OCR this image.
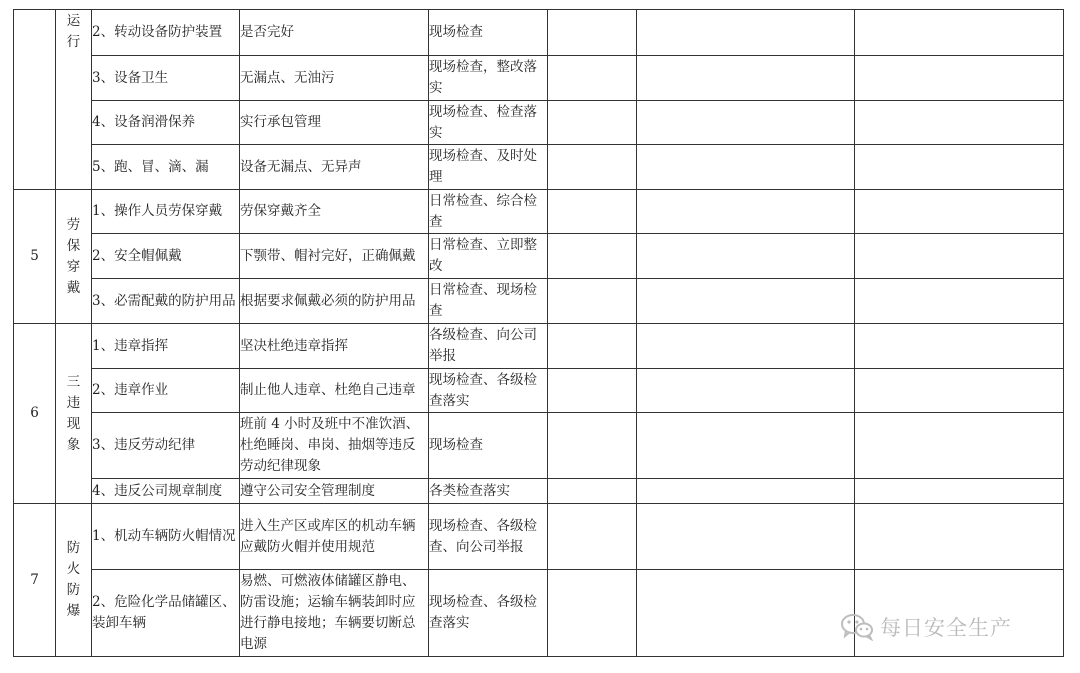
	运行	2、转动设备防护装置	是否完好	现场检查			
		3、设备卫生	无漏点、无油污	现场检查，整改落实			
		4、设备润滑保养	实行承包管理	现场检查、检查落实			
		5、跑、冒、滴、漏	设备无漏点、无异声	现场检查、及时处理			
5	劳保穿戴	1、操作人员劳保穿戴	劳保穿戴齐全	日常检查、综合检查			
		2、安全帽佩戴	下颚带、帽衬完好，正确佩戴	日常检查、立即整改			
		3、必需配戴的防护用品	根据要求佩戴必须的防护用品	日常检查、现场检查			
6	三违现象	1、违章指挥	坚决杜绝违章指挥	各级检查、向公司举报			
		2、违章作业	制止他人违章、杜绝自己违章	现场检查、各级检查落实			
		3、违反劳动纪律	班前 4 小时及班中不准饮酒、杜绝睡岗、串岗、抽烟等违反劳动纪律现象	现场检查			
		4、违反公司规章制度	遵守公司安全管理制度	各类检查落实			
7	防火防爆	1、机动车辆防火帽情况	进入生产区或库区的机动车辆应戴防火帽并使用规范	现场检查、各级检查、向公司举报			
		2、危险化学品储罐区、装卸车辆	易燃、可燃液体储罐区静电、防雷设施；运输车辆装卸时应进行静电接地；车辆要切断总电源	现场检查、各级检查落实				每日安全生产
